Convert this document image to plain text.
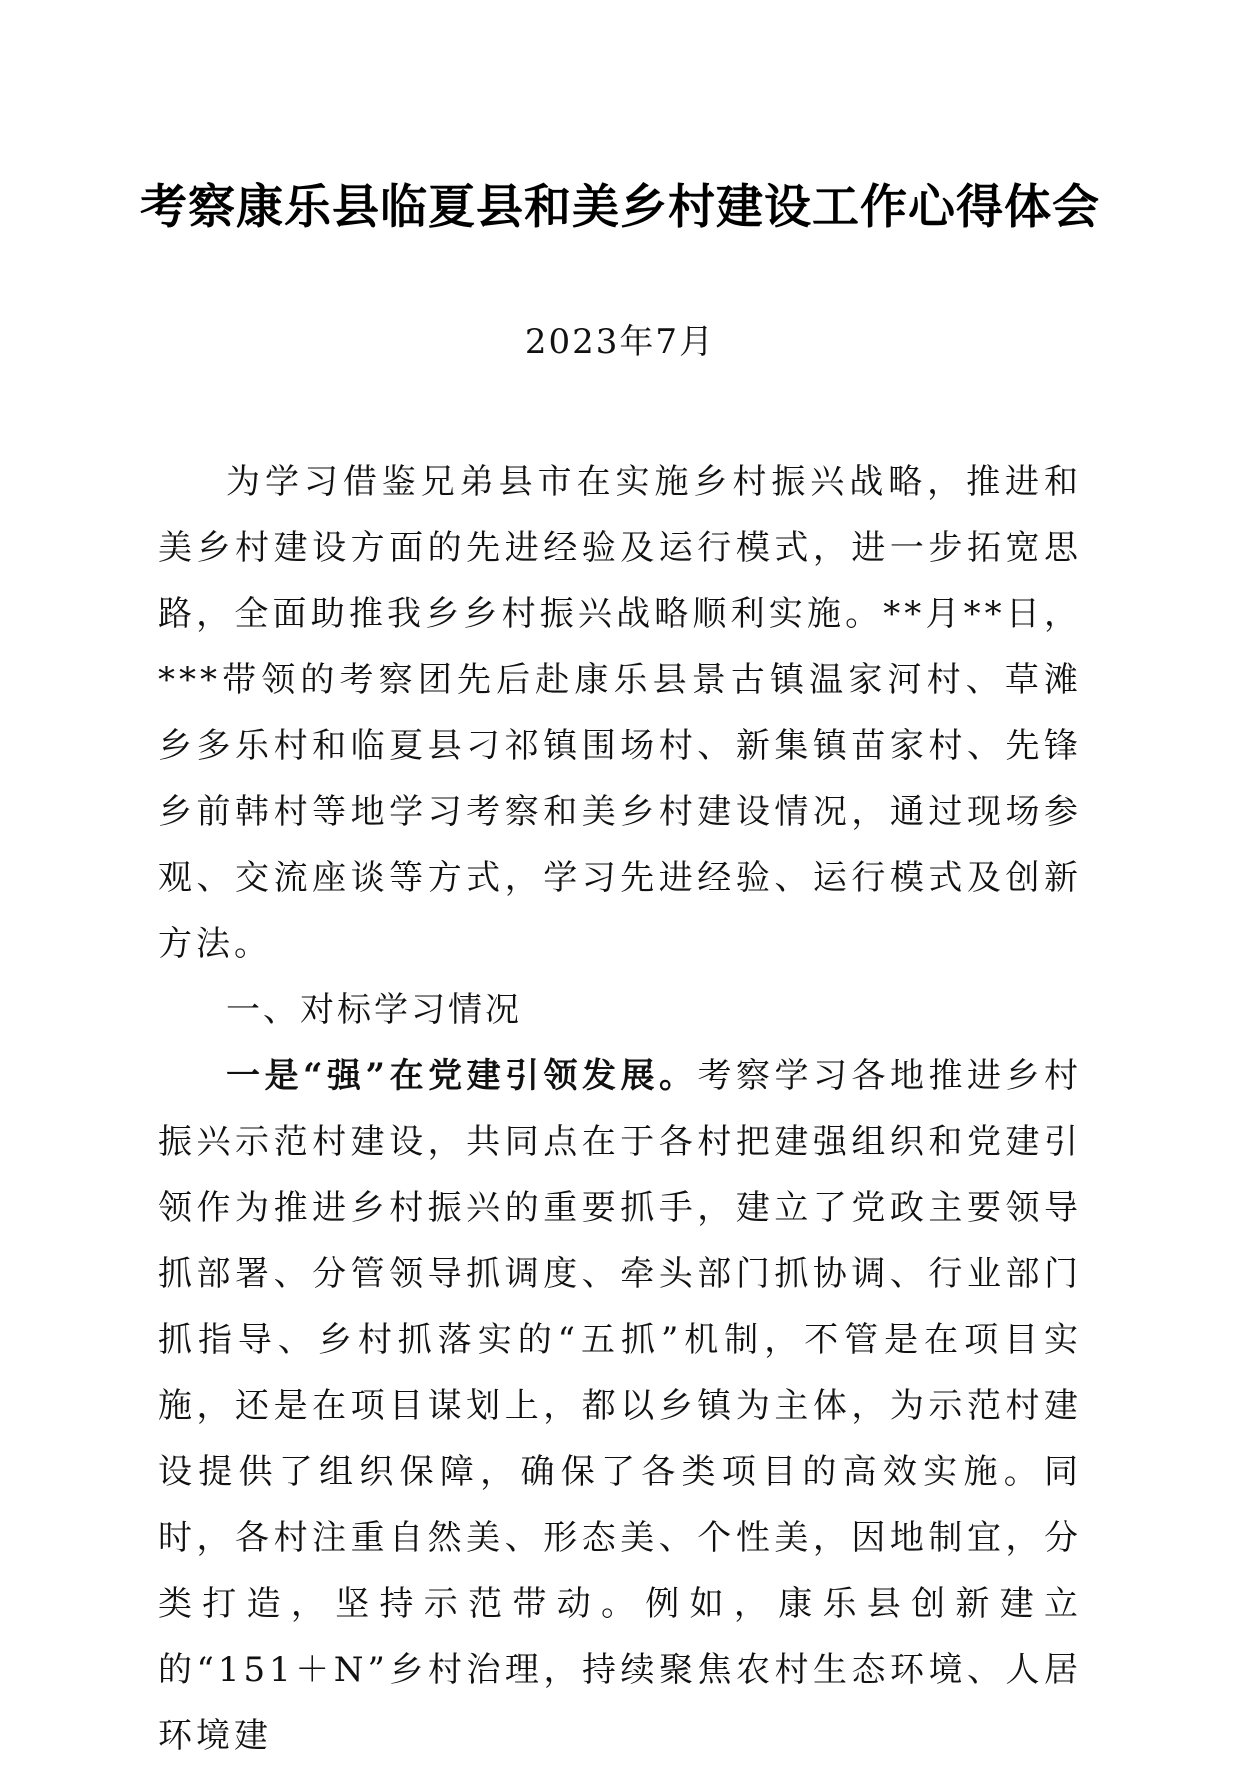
考察康乐县临夏县和美乡村建设工作心得体会
2023年7月

为学习借鉴兄弟县市在实施乡村振兴战略，推进和美乡村建设方面的先进经验及运行模式，进一步拓宽思路，全面助推我乡乡村振兴战略顺利实施。**月**日，***带领的考察团先后赴康乐县景古镇温家河村、草滩乡多乐村和临夏县刁祁镇围场村、新集镇苗家村、先锋乡前韩村等地学习考察和美乡村建设情况，通过现场参观、交流座谈等方式，学习先进经验、运行模式及创新方法。

一、对标学习情况

一是“强”在党建引领发展。考察学习各地推进乡村振兴示范村建设，共同点在于各村把建强组织和党建引领作为推进乡村振兴的重要抓手，建立了党政主要领导抓部署、分管领导抓调度、牵头部门抓协调、行业部门抓指导、乡村抓落实的“五抓”机制，不管是在项目实施，还是在项目谋划上，都以乡镇为主体，为示范村建设提供了组织保障，确保了各类项目的高效实施。同时，各村注重自然美、形态美、个性美，因地制宜，分类打造，坚持示范带动。例如，康乐县创新建立的“151＋N”乡村治理，持续聚焦农村生态环境、人居环境建
